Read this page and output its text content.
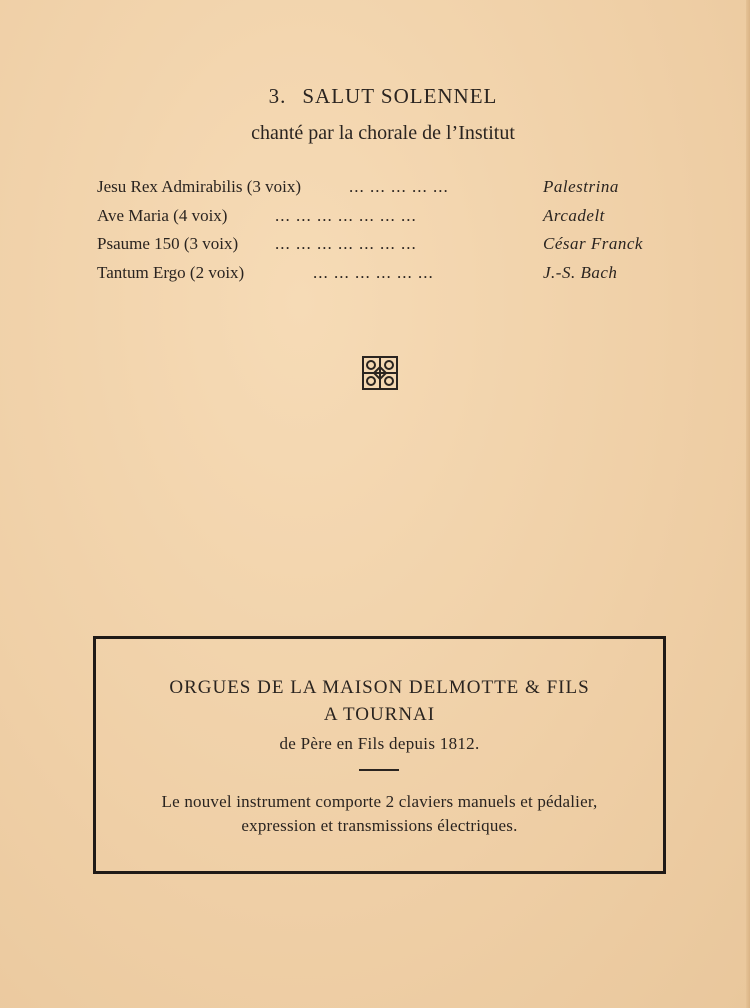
3. SALUT SOLENNEL
chanté par la chorale de l’Institut
Jesu Rex Admirabilis (3 voix)	... ... ... ... ...	Palestrina
Ave Maria (4 voix)	... ... ... ... ... ... ...	Arcadelt
Psaume 150 (3 voix) ... ... ... ... ... ... ...	César Franck
Tantum Ergo (2 voix)	... ... ... ... ... ...	J.-S. Bach
ORGUES DE LA MAISON DELMOTTE & FILS
A TOURNAI
de Père en Fils depuis 1812.
Le nouvel instrument comporte 2 claviers manuels et pédalier, expression et transmissions électriques.
